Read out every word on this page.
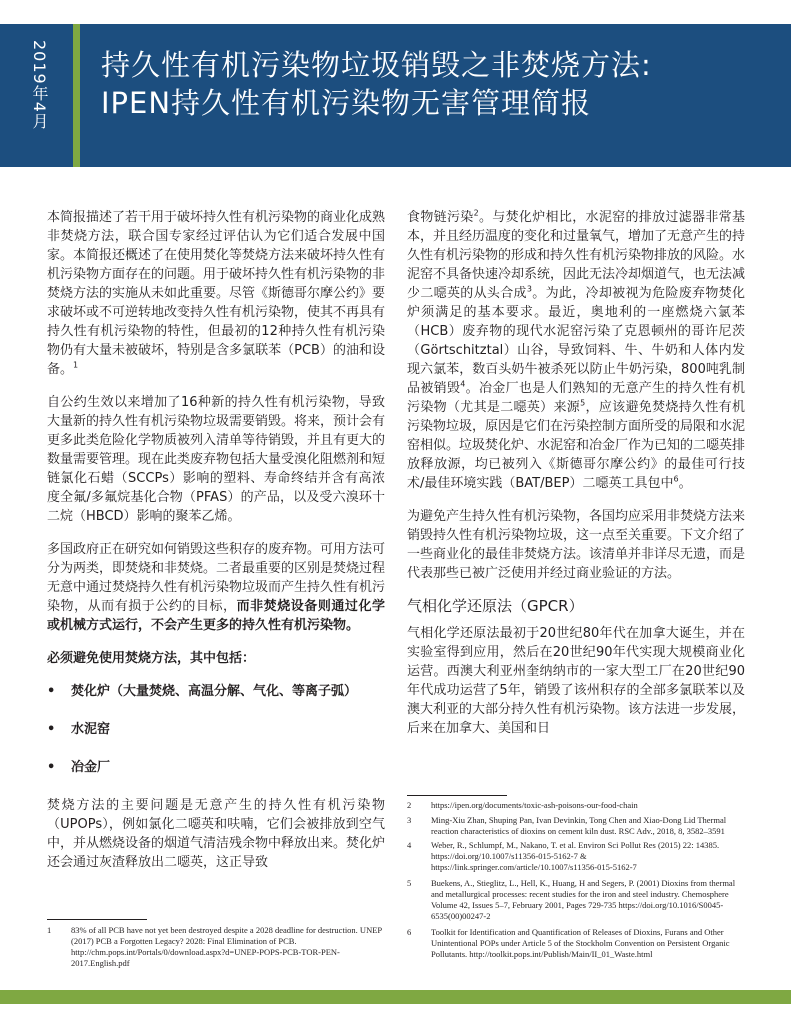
2019年4月 持久性有机污染物垃圾销毁之非焚烧方法:
IPEN持久性有机污染物无害管理简报

本简报描述了若干用于破坏持久性有机污染物的商业化成熟非焚烧方法，联合国专家经过评估认为它们适合发展中国家。本简报还概述了在使用焚化等焚烧方法来破坏持久性有机污染物方面存在的问题。用于破坏持久性有机污染物的非焚烧方法的实施从未如此重要。尽管《斯德哥尔摩公约》要求破坏或不可逆转地改变持久性有机污染物，使其不再具有持久性有机污染物的特性，但最初的12种持久性有机污染物仍有大量未被破坏，特别是含多氯联苯（PCB）的油和设备。$^1$

自公约生效以来增加了16种新的持久性有机污染物，导致大量新的持久性有机污染物垃圾需要销毁。将来，预计会有更多此类危险化学物质被列入清单等待销毁，并且有更大的数量需要管理。现在此类废弃物包括大量受溴化阻燃剂和短链氯化石蜡（SCCPs）影响的塑料、寿命终结并含有高浓度全氟/多氟烷基化合物（PFAS）的产品，以及受六溴环十二烷（HBCD）影响的聚苯乙烯。

多国政府正在研究如何销毁这些积存的废弃物。可用方法可分为两类，即焚烧和非焚烧。二者最重要的区别是焚烧过程无意中通过焚烧持久性有机污染物垃圾而产生持久性有机污染物，从而有损于公约的目标，而非焚烧设备则通过化学或机械方式运行，不会产生更多的持久性有机污染物。

必须避免使用焚烧方法，其中包括：

• 焚化炉（大量焚烧、高温分解、气化、等离子弧）
• 水泥窑
• 冶金厂

焚烧方法的主要问题是无意产生的持久性有机污染物（UPOPs），例如氯化二噁英和呋喃，它们会被排放到空气中，并从燃烧设备的烟道气清洁残余物中释放出来。焚化炉还会通过灰渣释放出二噁英，这正导致

食物链污染$^2$。与焚化炉相比，水泥窑的排放过滤器非常基本，并且经历温度的变化和过量氧气，增加了无意产生的持久性有机污染物的形成和持久性有机污染物排放的风险。水泥窑不具备快速冷却系统，因此无法冷却烟道气，也无法减少二噁英的从头合成$^3$。为此，冷却被视为危险废弃物焚化炉须满足的基本要求。最近，奥地利的一座燃烧六氯苯（HCB）废弃物的现代水泥窑污染了克恩顿州的哥许尼茨（Görtschitztal）山谷，导致饲料、牛、牛奶和人体内发现六氯苯，数百头奶牛被杀死以防止牛奶污染，800吨乳制品被销毁$^4$。冶金厂也是人们熟知的无意产生的持久性有机污染物（尤其是二噁英）来源$^5$，应该避免焚烧持久性有机污染物垃圾，原因是它们在污染控制方面所受的局限和水泥窑相似。垃圾焚化炉、水泥窑和冶金厂作为已知的二噁英排放释放源，均已被列入《斯德哥尔摩公约》的最佳可行技术/最佳环境实践（BAT/BEP）二噁英工具包中$^6$。

为避免产生持久性有机污染物，各国均应采用非焚烧方法来销毁持久性有机污染物垃圾，这一点至关重要。下文介绍了一些商业化的最佳非焚烧方法。该清单并非详尽无遗，而是代表那些已被广泛使用并经过商业验证的方法。

气相化学还原法（GPCR）

气相化学还原法最初于20世纪80年代在加拿大诞生，并在实验室得到应用，然后在20世纪90年代实现大规模商业化运营。西澳大利亚州奎纳纳市的一家大型工厂在20世纪90年代成功运营了5年，销毁了该州积存的全部多氯联苯以及澳大利亚的大部分持久性有机污染物。该方法进一步发展，后来在加拿大、美国和日

1 83% of all PCB have not yet been destroyed despite a 2028 deadline for destruction. UNEP (2017) PCB a Forgotten Legacy? 2028: Final Elimination of PCB. http://chm.pops.int/Portals/0/download.aspx?d=UNEP-POPS-PCB-TOR-PEN-2017.English.pdf
2 https://ipen.org/documents/toxic-ash-poisons-our-food-chain
3 Ming-Xiu Zhan, Shuping Pan, Ivan Devinkin, Tong Chen and Xiao-Dong Lid Thermal reaction characteristics of dioxins on cement kiln dust. RSC Adv., 2018, 8, 3582–3591
4 Weber, R., Schlumpf, M., Nakano, T. et al. Environ Sci Pollut Res (2015) 22: 14385. https://doi.org/10.1007/s11356-015-5162-7 & https://link.springer.com/article/10.1007/s11356-015-5162-7
5 Buekens, A., Stieglitz, L., Hell, K., Huang, H and Segers, P. (2001) Dioxins from thermal and metallurgical processes: recent studies for the iron and steel industry. Chemosphere Volume 42, Issues 5–7, February 2001, Pages 729-735 https://doi.org/10.1016/S0045-6535(00)00247-2
6 Toolkit for Identification and Quantification of Releases of Dioxins, Furans and Other Unintentional POPs under Article 5 of the Stockholm Convention on Persistent Organic Pollutants. http://toolkit.pops.int/Publish/Main/II_01_Waste.html
